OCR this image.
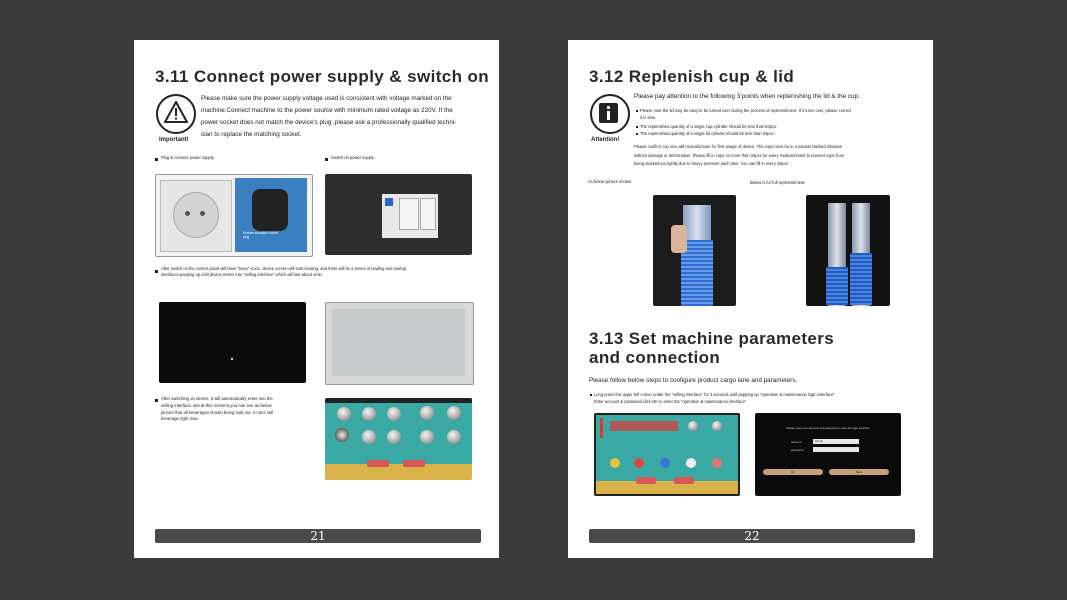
3.11 Connect power supply & switch on
Important!
Please make sure the power supply voltage used is consistent with voltage marked on the
machine.Connect machine to the power source with minimum rated voltage as 220V. If the
power socket does not match the device's plug ,please ask a professionally qualified techni-
cian to replace the matching socket.
Plug & connect power supply.	Switch on power supply.
Korean standard socket plug
After switch on,the control panel will have "beep" voice, device screen will start booting, and there will be a series of loading and startup
interfaces popping up until device enters into "selling interface" which will last about 1min.
After switching on device, it will automatically enter into the
selling interface. But at this moment,you can see as below
picture that all beverages shown being sold out. It can't sell
beverage right now.
21
3.12 Replenish cup & lid
Attention!
Please pay attention to the following 3 points when replenishing the lid & the cup:
Please note the lid may be easy to be turned over during the process of replenishment. If it turns over, please correct
it in time.
The replenished quantity of a single cup cylinder should be less than 53pcs.
The replenished quantity of a single lid cylinder should be less than 53pcs.
Please confirm cup size with manufacturer for first usage of device. The cups must be in a natural stacked situation
without damage or deformation. Please fill in cups no more than 25pcs for every replenishment to prevent cups from
being stacked too tightly due to heavy pressure each time. You can fill in every 25pcs.
As below picture shown:	Below is for full replenishment:
3.13 Set machine parameters
and connection
Please follow below steps to configure product cargo lane and parameters.
Long press the upper left corner under the "selling interface" for 3 seconds until popping up "operation & maintenance login interface".
Enter account & password,click OK to enter the "operation & maintenance interface".
Please input your account and password to enter the login interface
account	admin
password
OK	Back
22
